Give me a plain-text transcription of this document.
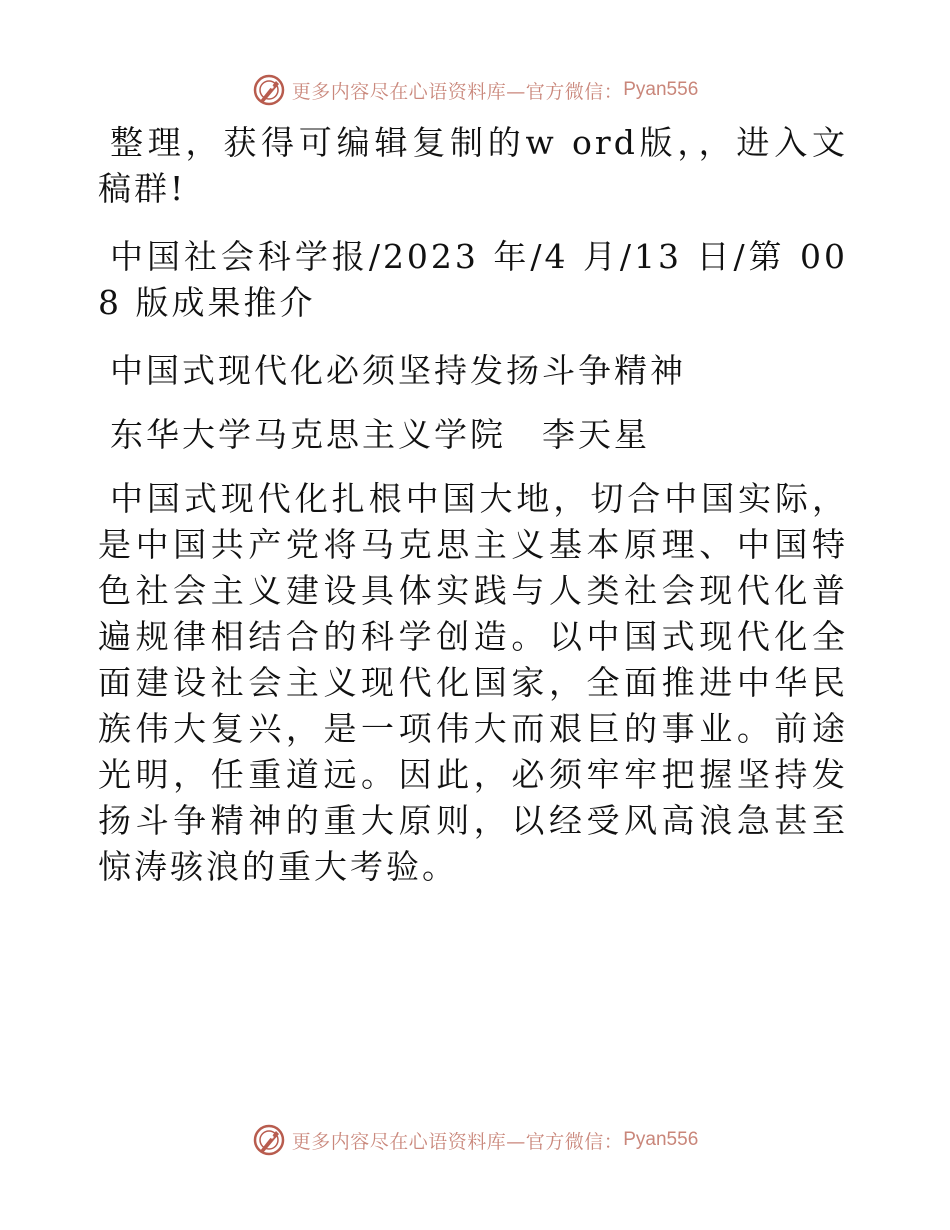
更多内容尽在心语资料库—官方微信： Pyan556

整理，获得可编辑复制的w ord版，，进入文稿群!

中国社会科学报/2023 年/4 月/13 日/第 008 版成果推介

中国式现代化必须坚持发扬斗争精神

东华大学马克思主义学院　李天星

中国式现代化扎根中国大地，切合中国实际，是中国共产党将马克思主义基本原理、中国特色社会主义建设具体实践与人类社会现代化普遍规律相结合的科学创造。以中国式现代化全面建设社会主义现代化国家，全面推进中华民族伟大复兴，是一项伟大而艰巨的事业。前途光明，任重道远。因此，必须牢牢把握坚持发扬斗争精神的重大原则，以经受风高浪急甚至惊涛骇浪的重大考验。

更多内容尽在心语资料库—官方微信： Pyan556
